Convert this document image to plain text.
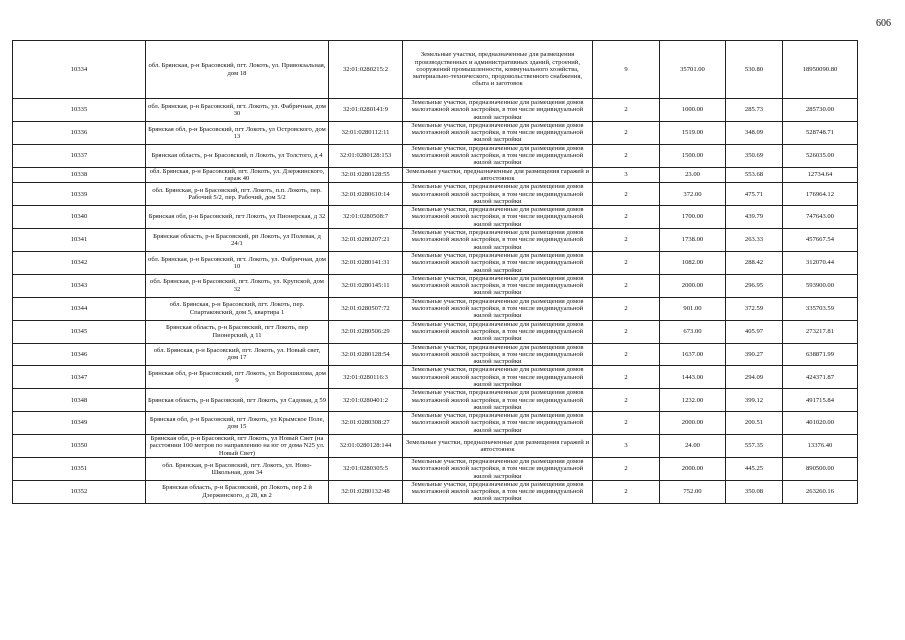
606
10334	обл. Брянская, р-н Брасовский, пгт. Локоть, ул. Привокзальная, дом 18	32:01:0280215:2	Земельные участки, предназначенные для размещения производственных и административных зданий, строений, сооружений промышленности, коммунального хозяйства, материально-технического, продовольственного снабжения, сбыта и заготовок	9	35701.00	530.80	18950090.80
10335	обл. Брянская, р-н Брасовский, пгт. Локоть, ул. Фабричная, дом 30	32:01:0280141:9	Земельные участки, предназначенные для размещения домов малоэтажной жилой застройки, в том числе индивидуальной жилой застройки	2	1000.00	285.73	285730.00
10336	Брянская обл, р-н Брасовский, пгт Локоть, ул Островского, дом 13	32:01:0280112:11	Земельные участки, предназначенные для размещения домов малоэтажной жилой застройки, в том числе индивидуальной жилой застройки	2	1519.00	348.09	528748.71
10337	Брянская область, р-н Брасовский, п Локоть, ул Толстого, д 4	32:01:0280128:153	Земельные участки, предназначенные для размещения домов малоэтажной жилой застройки, в том числе индивидуальной жилой застройки	2	1500.00	350.69	526035.00
10338	обл. Брянская, р-н Брасовский, пгт. Локоть, ул. Дзержинского, гараж 40	32:01:0280128:55	Земельные участки, предназначенные для размещения гаражей и автостоянок	3	23.00	553.68	12734.64
10339	обл. Брянская, р-н Брасовский, пгт. Локоть, п.п. Локоть, пер. Рабочий 5/2, пер. Рабочий, дом 5/2	32:01:0280610:14	Земельные участки, предназначенные для размещения домов малоэтажной жилой застройки, в том числе индивидуальной жилой застройки	2	372.00	475.71	176964.12
10340	Брянская обл, р-н Брасовский, пгт Локоть, ул Пионерская, д 32	32:01:0280508:7	Земельные участки, предназначенные для размещения домов малоэтажной жилой застройки, в том числе индивидуальной жилой застройки	2	1700.00	439.79	747643.00
10341	Брянская область, р-н Брасовский, рп Локоть, ул Полевая, д 24/1	32:01:0280207:21	Земельные участки, предназначенные для размещения домов малоэтажной жилой застройки, в том числе индивидуальной жилой застройки	2	1738.00	263.33	457667.54
10342	обл. Брянская, р-н Брасовский, пгт. Локоть, ул. Фабричная, дом 10	32:01:0280141:31	Земельные участки, предназначенные для размещения домов малоэтажной жилой застройки, в том числе индивидуальной жилой застройки	2	1082.00	288.42	312070.44
10343	обл. Брянская, р-н Брасовский, пгт. Локоть, ул. Крупской, дом 32	32:01:0280145:11	Земельные участки, предназначенные для размещения домов малоэтажной жилой застройки, в том числе индивидуальной жилой застройки	2	2000.00	296.95	593900.00
10344	обл. Брянская, р-н Брасовский, пгт. Локоть, пер. Спартаковский, дом 5, квартира 1	32:01:0280507:72	Земельные участки, предназначенные для размещения домов малоэтажной жилой застройки, в том числе индивидуальной жилой застройки	2	901.00	372.59	335703.59
10345	Брянская область, р-н Брасовский, пгт Локоть, пер Пионерский, д 11	32:01:0280506:29	Земельные участки, предназначенные для размещения домов малоэтажной жилой застройки, в том числе индивидуальной жилой застройки	2	673.00	405.97	273217.81
10346	обл. Брянская, р-н Брасовский, пгт. Локоть, ул. Новый свет, дом 17	32:01:0280128:54	Земельные участки, предназначенные для размещения домов малоэтажной жилой застройки, в том числе индивидуальной жилой застройки	2	1637.00	390.27	638871.99
10347	Брянская обл, р-н Брасовский, пгт Локоть, ул Ворошилова, дом 9	32:01:0280116:3	Земельные участки, предназначенные для размещения домов малоэтажной жилой застройки, в том числе индивидуальной жилой застройки	2	1443.00	294.09	424371.87
10348	Брянская область, р-н Брасовский, пгт Локоть, ул Садовая, д 59	32:01:0280401:2	Земельные участки, предназначенные для размещения домов малоэтажной жилой застройки, в том числе индивидуальной жилой застройки	2	1232.00	399.12	491715.84
10349	Брянская обл, р-н Брасовский, пгт Локоть, ул Крымское Поле, дом 15	32:01:0280308:27	Земельные участки, предназначенные для размещения домов малоэтажной жилой застройки, в том числе индивидуальной жилой застройки	2	2000.00	200.51	401020.00
10350	Брянская обл, р-н Брасовский, пгт Локоть, ул Новый Свет (на расстоянии 100 метров по направлению на юг от дома N25 ул. Новый Свет)	32:01:0280128:144	Земельные участки, предназначенные для размещения гаражей и автостоянок	3	24.00	557.35	13376.40
10351	обл. Брянская, р-н Брасовский, пгт. Локоть, ул. Ново-Школьная, дом 34	32:01:0280305:5	Земельные участки, предназначенные для размещения домов малоэтажной жилой застройки, в том числе индивидуальной жилой застройки	2	2000.00	445.25	890500.00
10352	Брянская область, р-н Брасовский, рп Локоть, пер 2 й Дзержинского, д 28, кв 2	32:01:0280132:48	Земельные участки, предназначенные для размещения домов малоэтажной жилой застройки, в том числе индивидуальной жилой застройки	2	752.00	350.08	263260.16
